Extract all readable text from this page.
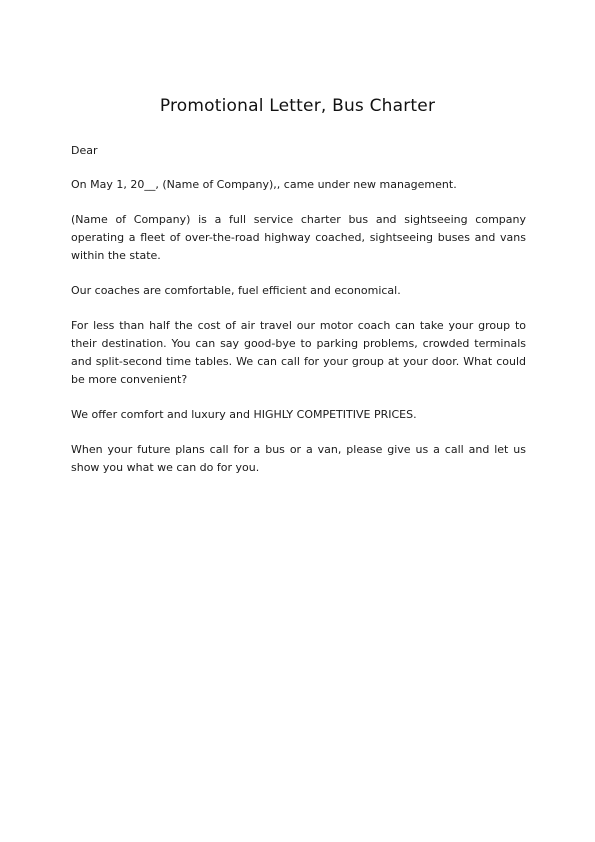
Promotional Letter, Bus Charter

Dear

On May 1, 20__, (Name of Company),, came under new management.

(Name of Company) is a full service charter bus and sightseeing company operating a fleet of over-the-road highway coached, sightseeing buses and vans within the state.

Our coaches are comfortable, fuel efficient and economical.

For less than half the cost of air travel our motor coach can take your group to their destination. You can say good-bye to parking problems, crowded terminals and split-second time tables. We can call for your group at your door. What could be more convenient?

We offer comfort and luxury and HIGHLY COMPETITIVE PRICES.

When your future plans call for a bus or a van, please give us a call and let us show you what we can do for you.
